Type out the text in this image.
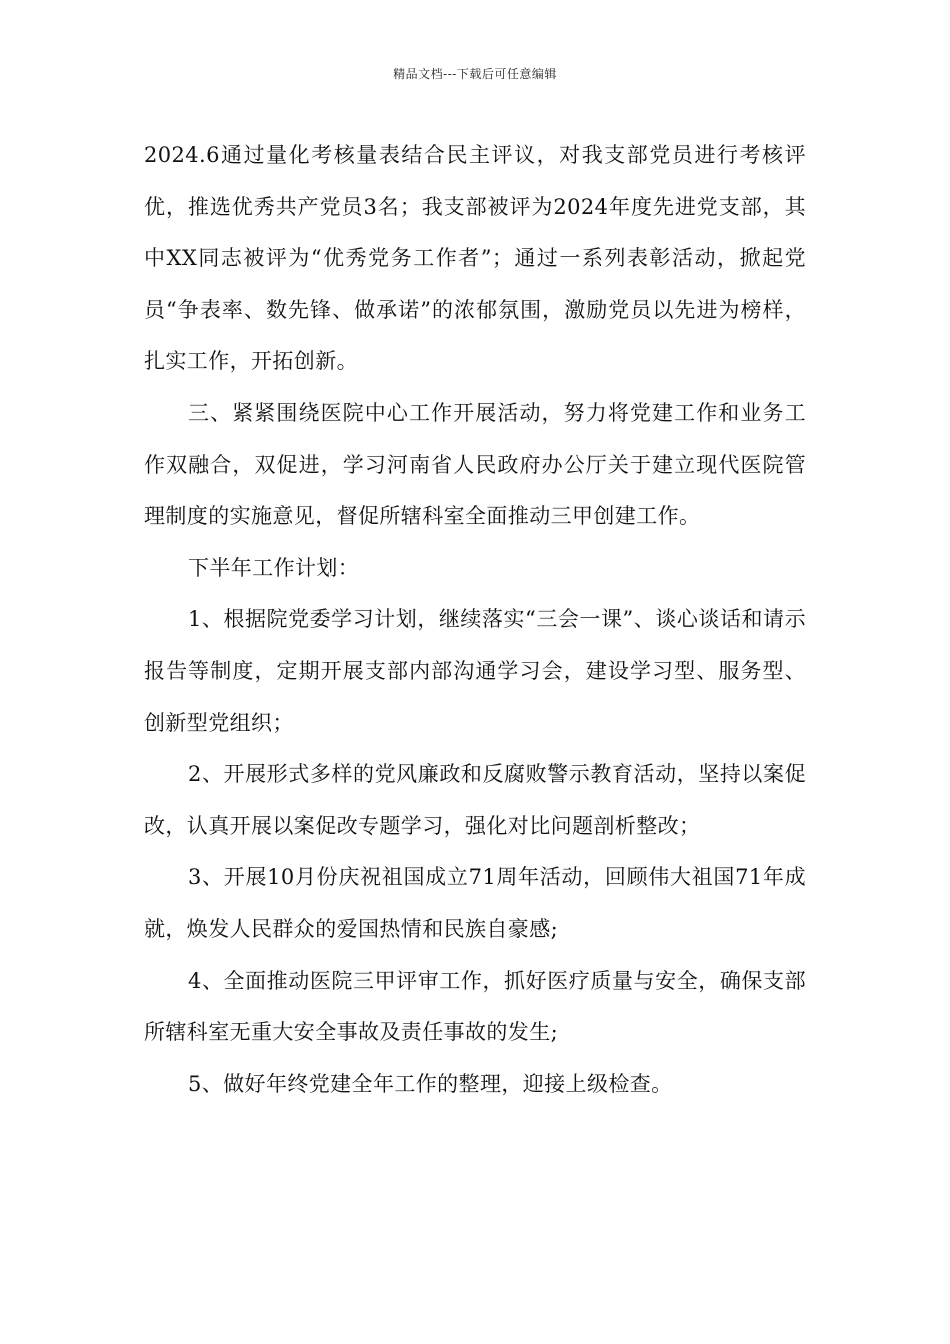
精品文档---下载后可任意编辑

2024.6通过量化考核量表结合民主评议，对我支部党员进行考核评优，推选优秀共产党员3名；我支部被评为2024年度先进党支部，其中XX同志被评为“优秀党务工作者”；通过一系列表彰活动，掀起党员“争表率、数先锋、做承诺”的浓郁氛围，激励党员以先进为榜样，扎实工作，开拓创新。

三、紧紧围绕医院中心工作开展活动，努力将党建工作和业务工作双融合，双促进，学习河南省人民政府办公厅关于建立现代医院管理制度的实施意见，督促所辖科室全面推动三甲创建工作。

下半年工作计划：

1、根据院党委学习计划，继续落实“三会一课”、谈心谈话和请示报告等制度，定期开展支部内部沟通学习会，建设学习型、服务型、创新型党组织；

2、开展形式多样的党风廉政和反腐败警示教育活动，坚持以案促改，认真开展以案促改专题学习，强化对比问题剖析整改；

3、开展10月份庆祝祖国成立71周年活动，回顾伟大祖国71年成就，焕发人民群众的爱国热情和民族自豪感;

4、全面推动医院三甲评审工作，抓好医疗质量与安全，确保支部所辖科室无重大安全事故及责任事故的发生;

5、做好年终党建全年工作的整理，迎接上级检查。
